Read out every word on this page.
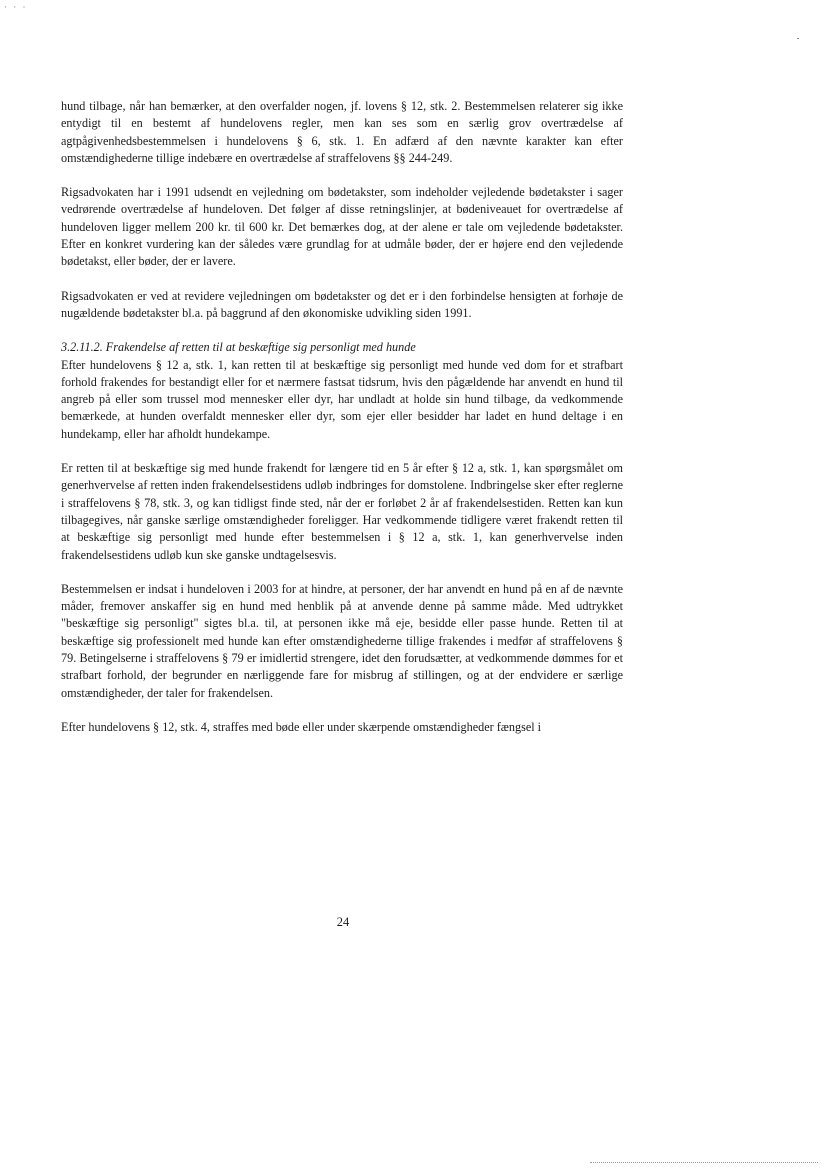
· · ·

hund tilbage, når han bemærker, at den overfalder nogen, jf. lovens § 12, stk. 2. Bestemmelsen relaterer sig ikke entydigt til en bestemt af hundelovens regler, men kan ses som en særlig grov overtrædelse af agtpågivenhedsbestemmelsen i hundelovens § 6, stk. 1. En adfærd af den nævnte karakter kan efter omstændighederne tillige indebære en overtrædelse af straffelovens §§ 244-249.

Rigsadvokaten har i 1991 udsendt en vejledning om bødetakster, som indeholder vejledende bødetakster i sager vedrørende overtrædelse af hundeloven. Det følger af disse retningslinjer, at bødeniveauet for overtrædelse af hundeloven ligger mellem 200 kr. til 600 kr. Det bemærkes dog, at der alene er tale om vejledende bødetakster. Efter en konkret vurdering kan der således være grundlag for at udmåle bøder, der er højere end den vejledende bødetakst, eller bøder, der er lavere.

Rigsadvokaten er ved at revidere vejledningen om bødetakster og det er i den forbindelse hensigten at forhøje de nugældende bødetakster bl.a. på baggrund af den økonomiske udvikling siden 1991.

3.2.11.2. Frakendelse af retten til at beskæftige sig personligt med hunde

Efter hundelovens § 12 a, stk. 1, kan retten til at beskæftige sig personligt med hunde ved dom for et strafbart forhold frakendes for bestandigt eller for et nærmere fastsat tidsrum, hvis den pågældende har anvendt en hund til angreb på eller som trussel mod mennesker eller dyr, har undladt at holde sin hund tilbage, da vedkommende bemærkede, at hunden overfaldt mennesker eller dyr, som ejer eller besidder har ladet en hund deltage i en hundekamp, eller har afholdt hundekampe.

Er retten til at beskæftige sig med hunde frakendt for længere tid en 5 år efter § 12 a, stk. 1, kan spørgsmålet om generhvervelse af retten inden frakendelsestidens udløb indbringes for domstolene. Indbringelse sker efter reglerne i straffelovens § 78, stk. 3, og kan tidligst finde sted, når der er forløbet 2 år af frakendelsestiden. Retten kan kun tilbagegives, når ganske særlige omstændigheder foreligger. Har vedkommende tidligere været frakendt retten til at beskæftige sig personligt med hunde efter bestemmelsen i § 12 a, stk. 1, kan generhvervelse inden frakendelsestidens udløb kun ske ganske undtagelsesvis.

Bestemmelsen er indsat i hundeloven i 2003 for at hindre, at personer, der har anvendt en hund på en af de nævnte måder, fremover anskaffer sig en hund med henblik på at anvende denne på samme måde. Med udtrykket "beskæftige sig personligt" sigtes bl.a. til, at personen ikke må eje, besidde eller passe hunde. Retten til at beskæftige sig professionelt med hunde kan efter omstændighederne tillige frakendes i medfør af straffelovens § 79. Betingelserne i straffelovens § 79 er imidlertid strengere, idet den forudsætter, at vedkommende dømmes for et strafbart forhold, der begrunder en nærliggende fare for misbrug af stillingen, og at der endvidere er særlige omstændigheder, der taler for frakendelsen.

Efter hundelovens § 12, stk. 4, straffes med bøde eller under skærpende omstændigheder fængsel i

24
